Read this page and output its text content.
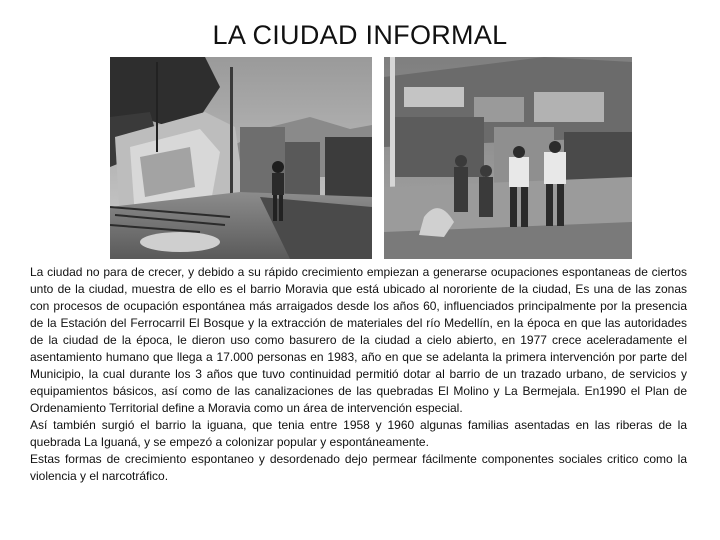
LA CIUDAD INFORMAL

La ciudad no para de crecer, y debido a su rápido crecimiento empiezan a generarse ocupaciones espontaneas de ciertos unto de la ciudad, muestra de ello es el barrio Moravia que está ubicado al nororiente de la ciudad, Es una de las zonas con procesos de ocupación espontánea más arraigados desde los años 60, influenciados principalmente por la presencia de la Estación del Ferrocarril El Bosque y la extracción de materiales del río Medellín, en la época en que las autoridades de la ciudad de la época, le dieron uso como basurero de la ciudad a cielo abierto, en 1977 crece aceleradamente el asentamiento humano que llega a 17.000 personas en 1983, año en que se adelanta la primera intervención por parte del Municipio, la cual durante los 3 años que tuvo continuidad permitió dotar al barrio de un trazado urbano, de servicios y equipamientos básicos, así como de las canalizaciones de las quebradas El Molino y La Bermejala. En1990 el Plan de Ordenamiento Territorial define a Moravia como un área de intervención especial.

Así también surgió el barrio la iguana, que tenia entre 1958 y 1960 algunas familias asentadas en las riberas de la quebrada La Iguaná, y se empezó a colonizar popular y espontáneamente.

Estas formas de crecimiento espontaneo y desordenado dejo permear fácilmente componentes sociales critico como la violencia y el narcotráfico.
